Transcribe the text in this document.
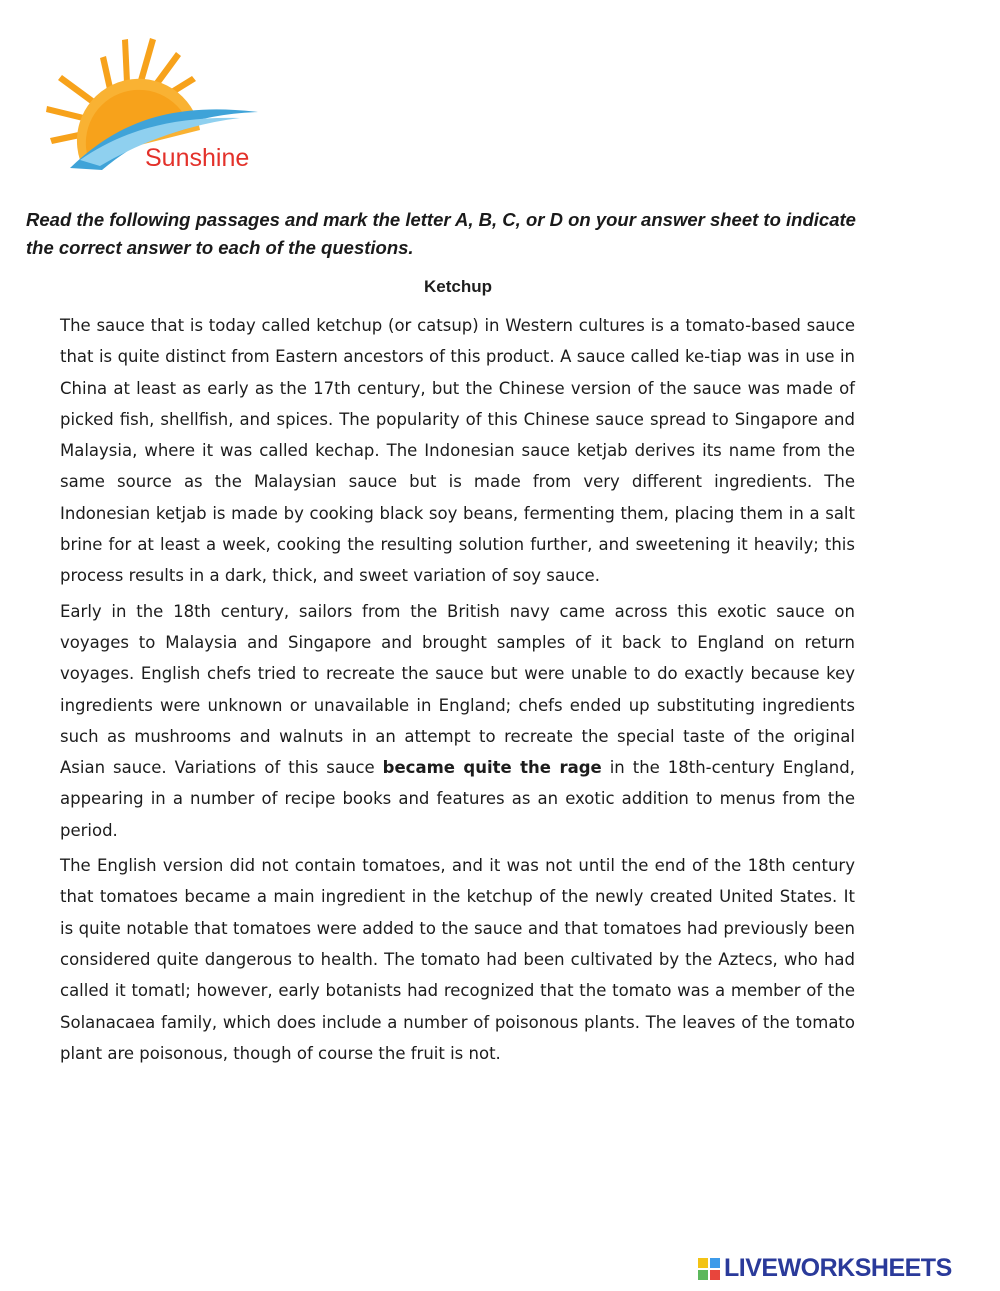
Sunshine
Read the following passages and mark the letter A, B, C, or D on your answer sheet to indicate the correct answer to each of the questions.
Ketchup

The sauce that is today called ketchup (or catsup) in Western cultures is a tomato-based sauce that is quite distinct from Eastern ancestors of this product. A sauce called ke-tiap was in use in China at least as early as the 17th century, but the Chinese version of the sauce was made of picked fish, shellfish, and spices. The popularity of this Chinese sauce spread to Singapore and Malaysia, where it was called kechap. The Indonesian sauce ketjab derives its name from the same source as the Malaysian sauce but is made from very different ingredients. The Indonesian ketjab is made by cooking black soy beans, fermenting them, placing them in a salt brine for at least a week, cooking the resulting solution further, and sweetening it heavily; this process results in a dark, thick, and sweet variation of soy sauce.

Early in the 18th century, sailors from the British navy came across this exotic sauce on voyages to Malaysia and Singapore and brought samples of it back to England on return voyages. English chefs tried to recreate the sauce but were unable to do exactly because key ingredients were unknown or unavailable in England; chefs ended up substituting ingredients such as mushrooms and walnuts in an attempt to recreate the special taste of the original Asian sauce. Variations of this sauce became quite the rage in the 18th-century England, appearing in a number of recipe books and features as an exotic addition to menus from the period.

The English version did not contain tomatoes, and it was not until the end of the 18th century that tomatoes became a main ingredient in the ketchup of the newly created United States. It is quite notable that tomatoes were added to the sauce and that tomatoes had previously been considered quite dangerous to health. The tomato had been cultivated by the Aztecs, who had called it tomatl; however, early botanists had recognized that the tomato was a member of the Solanacaea family, which does include a number of poisonous plants. The leaves of the tomato plant are poisonous, though of course the fruit is not.

LIVEWORKSHEETS
